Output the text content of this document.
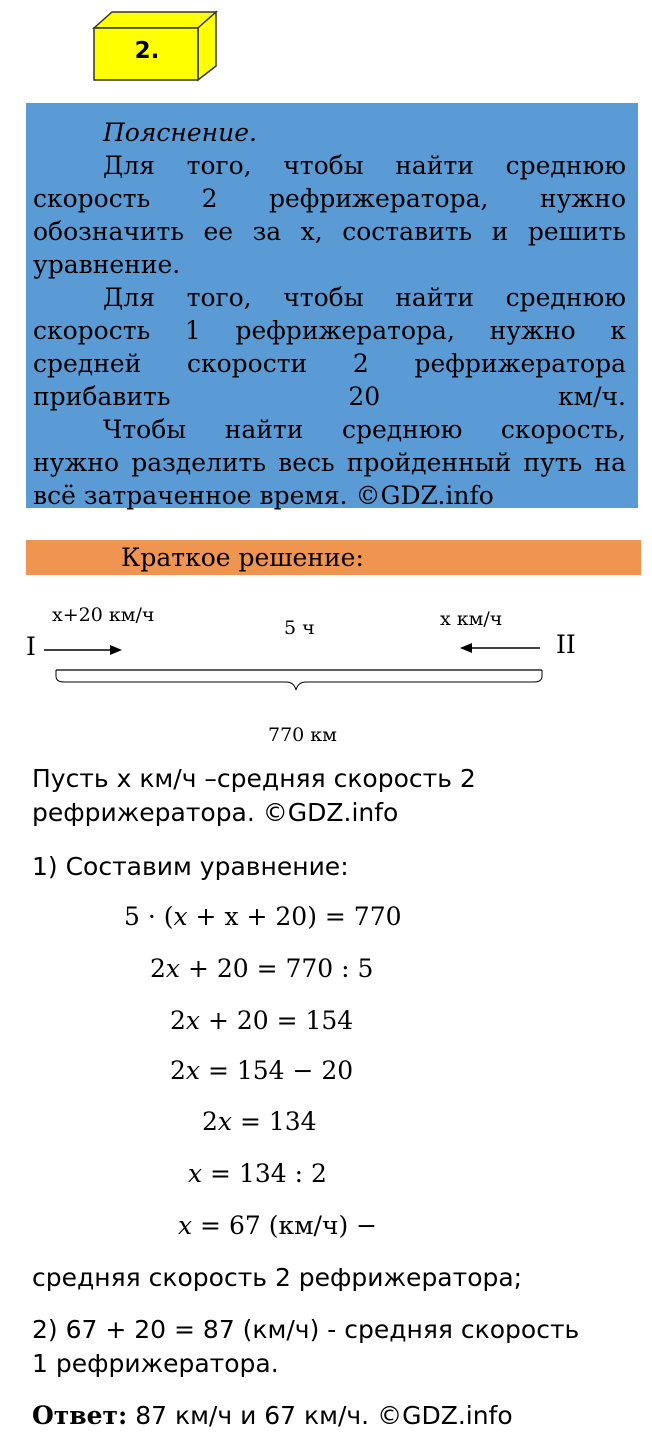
2.

Пояснение.

Для того, чтобы найти среднюю скорость 2 рефрижератора, нужно обозначить ее за x, составить и решить уравнение.

Для того, чтобы найти среднюю скорость 1 рефрижератора, нужно к средней скорости 2 рефрижератора прибавить 20 км/ч.

Чтобы найти среднюю скорость, нужно разделить весь пройденный путь на всё затраченное время. ©GDZ.info

Краткое решение:
x+20 км/ч
5 ч	x км/ч
I	II
770 км
Пусть x км/ч –средняя скорость 2
рефрижератора. ©GDZ.info
1) Составим уравнение:
5 · (𝑥 + x + 20) = 770
2𝑥 + 20 = 770 : 5
2𝑥 + 20 = 154
2𝑥 = 154 − 20
2𝑥 = 134
𝑥 = 134 : 2
𝑥 = 67 (км/ч) −
средняя скорость 2 рефрижератора;
2) 67 + 20 = 87 (км/ч) - средняя скорость
1 рефрижератора.
Ответ: 87 км/ч и 67 км/ч. ©GDZ.info
